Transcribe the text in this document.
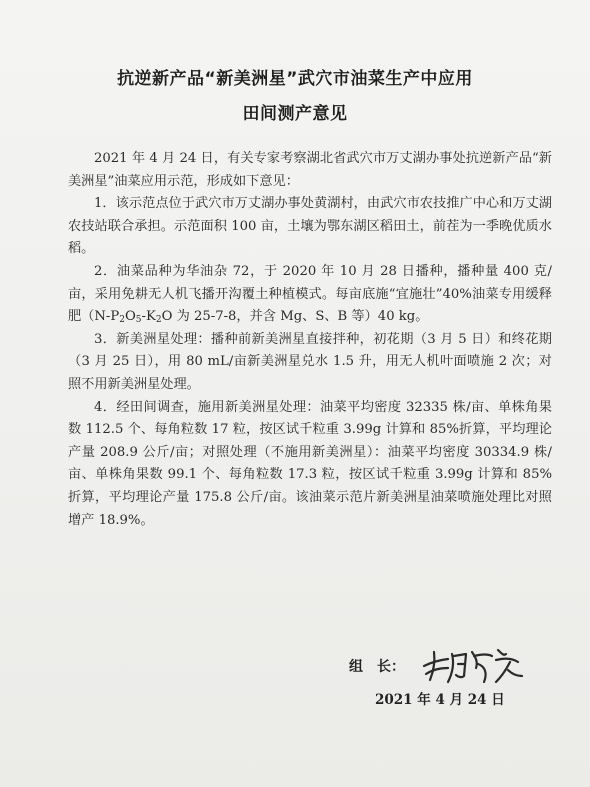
抗逆新产品“新美洲星”武穴市油菜生产中应用
田间测产意见

2021 年 4 月 24 日，有关专家考察湖北省武穴市万丈湖办事处抗逆新产品“新美洲星”油菜应用示范，形成如下意见：

1．该示范点位于武穴市万丈湖办事处黄湖村，由武穴市农技推广中心和万丈湖农技站联合承担。示范面积 100 亩，土壤为鄂东湖区稻田土，前茬为一季晚优质水稻。

2．油菜品种为华油杂 72，于 2020 年 10 月 28 日播种，播种量 400 克/亩，采用免耕无人机飞播开沟覆土种植模式。每亩底施“宜施壮”40%油菜专用缓释肥（$N-P_2O_5-K_2O$ 为 25-7-8，并含 Mg、S、B 等）40 kg。

3．新美洲星处理：播种前新美洲星直接拌种，初花期（3 月 5 日）和终花期（3 月 25 日），用 80 mL/亩新美洲星兑水 1.5 升，用无人机叶面喷施 2 次；对照不用新美洲星处理。

4．经田间调查，施用新美洲星处理：油菜平均密度 32335 株/亩、单株角果数 112.5 个、每角粒数 17 粒，按区试千粒重 3.99g 计算和 85%折算，平均理论产量 208.9 公斤/亩；对照处理（不施用新美洲星）：油菜平均密度 30334.9 株/亩、单株角果数 99.1 个、每角粒数 17.3 粒，按区试千粒重 3.99g 计算和 85%折算，平均理论产量 175.8 公斤/亩。该油菜示范片新美洲星油菜喷施处理比对照增产 18.9%。

组　长：
2021 年 4 月 24 日
